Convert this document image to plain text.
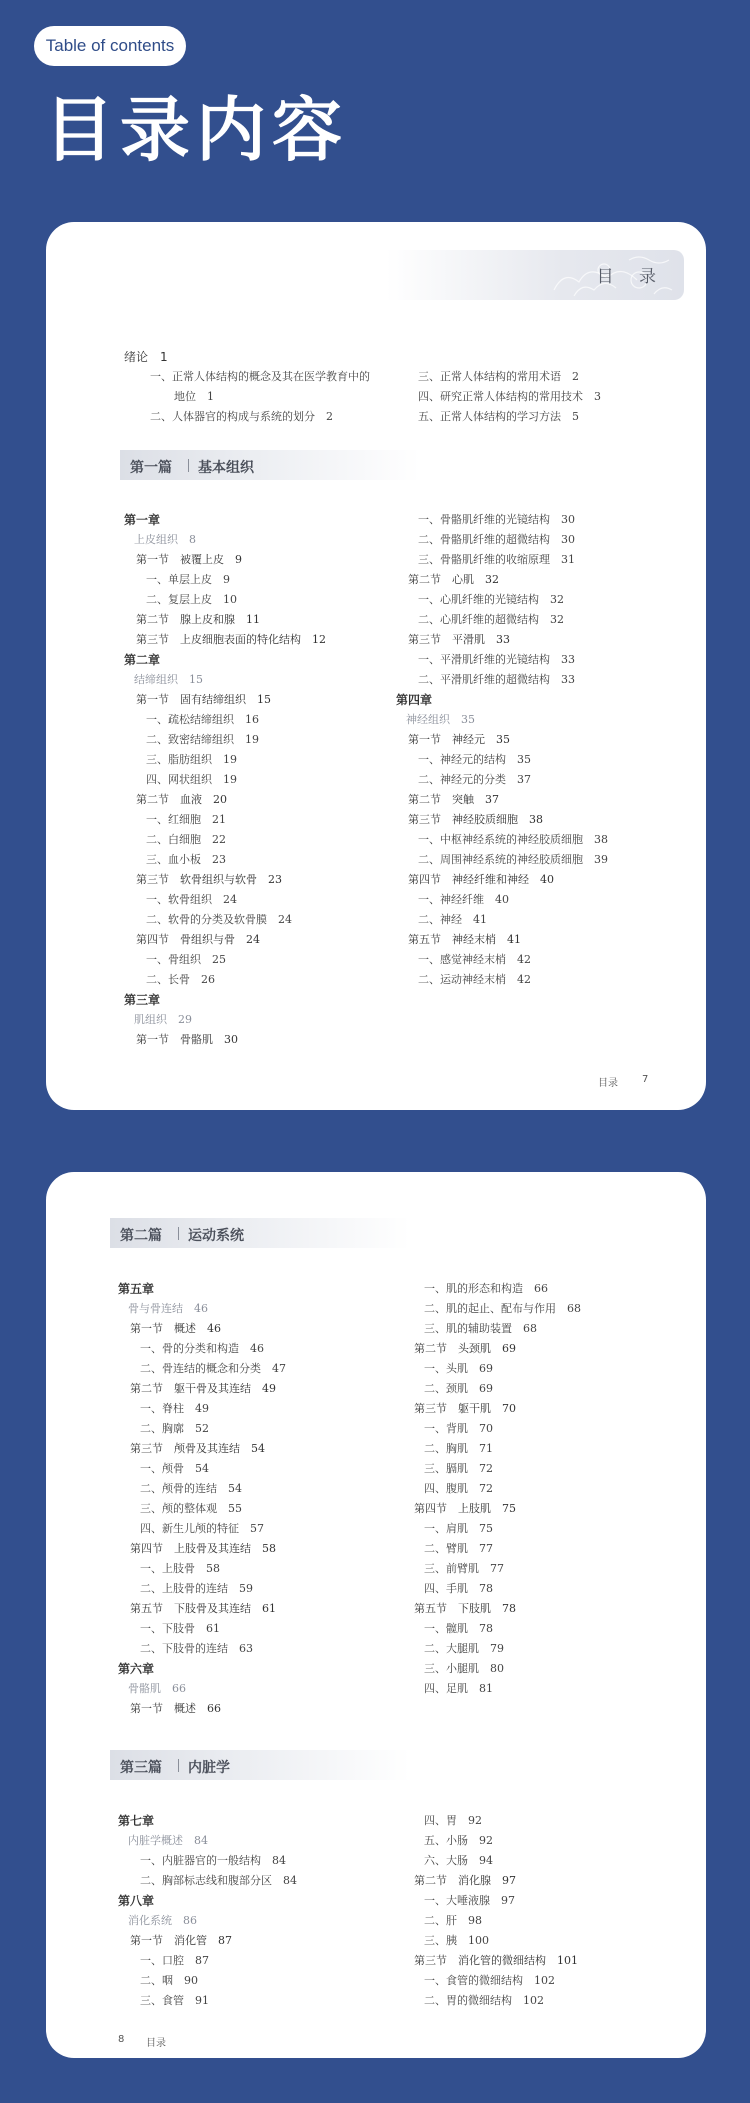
Table of contents
目录内容
目 录
绪论　1
一、正常人体结构的概念及其在医学教育中的
地位　1
二、人体器官的构成与系统的划分　2
三、正常人体结构的常用术语　2
四、研究正常人体结构的常用技术　3
五、正常人体结构的学习方法　5
第一篇 基本组织
第一章
上皮组织　8
第一节　被覆上皮　9
一、单层上皮　9
二、复层上皮　10
第二节　腺上皮和腺　11
第三节　上皮细胞表面的特化结构　12
第二章
结缔组织　15
第一节　固有结缔组织　15
一、疏松结缔组织　16
二、致密结缔组织　19
三、脂肪组织　19
四、网状组织　19
第二节　血液　20
一、红细胞　21
二、白细胞　22
三、血小板　23
第三节　软骨组织与软骨　23
一、软骨组织　24
二、软骨的分类及软骨膜　24
第四节　骨组织与骨　24
一、骨组织　25
二、长骨　26
第三章
肌组织　29
第一节　骨骼肌　30
一、骨骼肌纤维的光镜结构　30
二、骨骼肌纤维的超微结构　30
三、骨骼肌纤维的收缩原理　31
第二节　心肌　32
一、心肌纤维的光镜结构　32
二、心肌纤维的超微结构　32
第三节　平滑肌　33
一、平滑肌纤维的光镜结构　33
二、平滑肌纤维的超微结构　33
第四章
神经组织　35
第一节　神经元　35
一、神经元的结构　35
二、神经元的分类　37
第二节　突触　37
第三节　神经胶质细胞　38
一、中枢神经系统的神经胶质细胞　38
二、周围神经系统的神经胶质细胞　39
第四节　神经纤维和神经　40
一、神经纤维　40
二、神经　41
第五节　神经末梢　41
一、感觉神经末梢　42
二、运动神经末梢　42
目录 7
第二篇 运动系统
第五章
骨与骨连结　46
第一节　概述　46
一、骨的分类和构造　46
二、骨连结的概念和分类　47
第二节　躯干骨及其连结　49
一、脊柱　49
二、胸廓　52
第三节　颅骨及其连结　54
一、颅骨　54
二、颅骨的连结　54
三、颅的整体观　55
四、新生儿颅的特征　57
第四节　上肢骨及其连结　58
一、上肢骨　58
二、上肢骨的连结　59
第五节　下肢骨及其连结　61
一、下肢骨　61
二、下肢骨的连结　63
第六章
骨骼肌　66
第一节　概述　66
一、肌的形态和构造　66
二、肌的起止、配布与作用　68
三、肌的辅助装置　68
第二节　头颈肌　69
一、头肌　69
二、颈肌　69
第三节　躯干肌　70
一、背肌　70
二、胸肌　71
三、膈肌　72
四、腹肌　72
第四节　上肢肌　75
一、肩肌　75
二、臂肌　77
三、前臂肌　77
四、手肌　78
第五节　下肢肌　78
一、髋肌　78
二、大腿肌　79
三、小腿肌　80
四、足肌　81
第三篇 内脏学
第七章
内脏学概述　84
一、内脏器官的一般结构　84
二、胸部标志线和腹部分区　84
第八章
消化系统　86
第一节　消化管　87
一、口腔　87
二、咽　90
三、食管　91
四、胃　92
五、小肠　92
六、大肠　94
第二节　消化腺　97
一、大唾液腺　97
二、肝　98
三、胰　100
第三节　消化管的微细结构　101
一、食管的微细结构　102
二、胃的微细结构　102
8 目录
